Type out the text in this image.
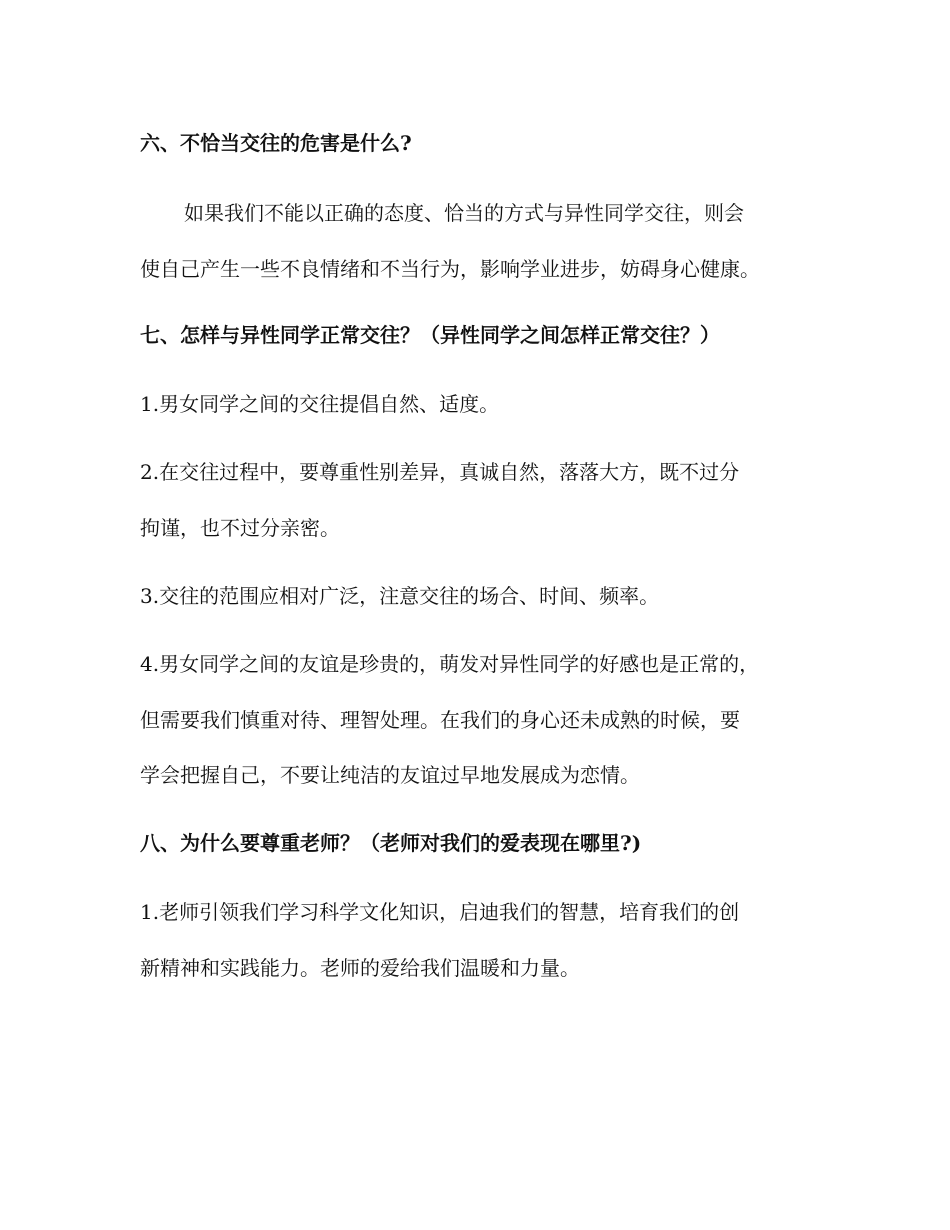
六、不恰当交往的危害是什么?
如果我们不能以正确的态度、恰当的方式与异性同学交往，则会
使自己产生一些不良情绪和不当行为，影响学业进步，妨碍身心健康。
七、怎样与异性同学正常交往？（异性同学之间怎样正常交往？）
1.男女同学之间的交往提倡自然、适度。
2.在交往过程中，要尊重性别差异，真诚自然，落落大方，既不过分
拘谨，也不过分亲密。
3.交往的范围应相对广泛，注意交往的场合、时间、频率。
4.男女同学之间的友谊是珍贵的，萌发对异性同学的好感也是正常的，
但需要我们慎重对待、理智处理。在我们的身心还未成熟的时候，要
学会把握自己，不要让纯洁的友谊过早地发展成为恋情。
八、为什么要尊重老师？（老师对我们的爱表现在哪里?)
1.老师引领我们学习科学文化知识，启迪我们的智慧，培育我们的创
新精神和实践能力。老师的爱给我们温暖和力量。
